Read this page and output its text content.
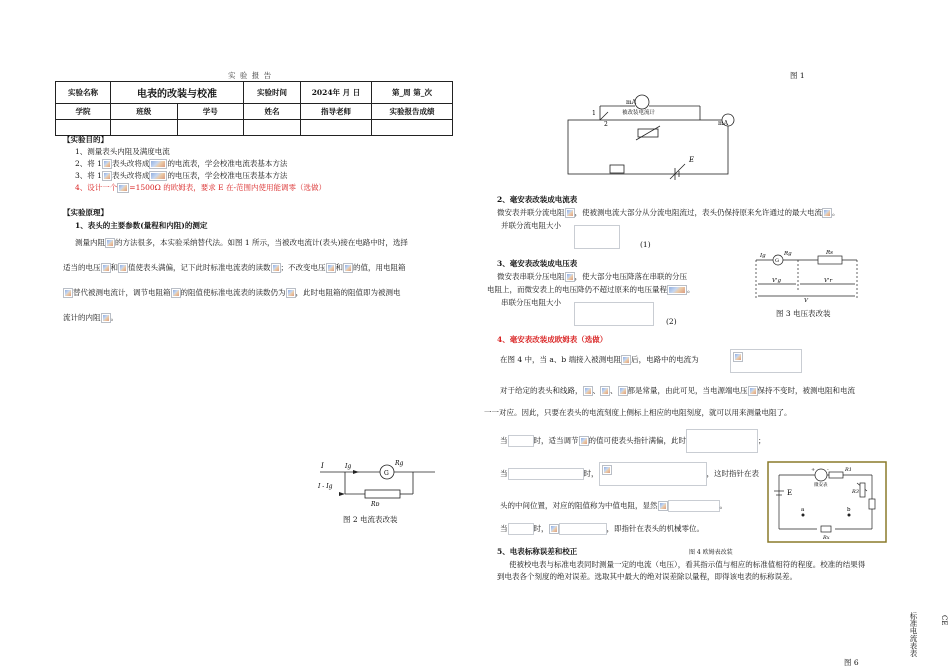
实 验 报 告
实验名称	电表的改装与校准		实验时间	2024年 月 日	第_周 第_次
学院	班级	学号	姓名	指导老师	实验报告成绩

【实验目的】
1、测量表头内阻及满度电流
2、将 1 表头改将成 的电流表，学会校准电流表基本方法
3、将 1 表头改将成 的电压表，学会校准电压表基本方法
4、设计一个 =1500Ω 的欧姆表，要求 E 在-范围内使用能调零（选做）
【实验原理】
1、表头的主要参数(量程和内阻)的测定
测量内阻 的方法很多，本实验采纳替代法。如图 1 所示，当被改电流计(表头)接在电路中时，选择
适当的电压 和 值使表头满偏，记下此时标准电流表的读数 ；不改变电压 和 的值，用电阻箱
替代被测电流计，调节电阻箱 的阻值使标准电流表的读数仍为 ，此时电阻箱的阻值即为被测电
流计的内阻 。
I	Ig	Rg
G
I - Ig
Rp
图 2 电流表改装
图 1
mA
mA
被改装电流计
1
2
E
2、毫安表改装成电流表
微安表并联分流电阻 ，使被测电流大部分从分流电阻流过，表头仍保持原来允许通过的最大电流 。
并联分流电阻大小
(1)
3、毫安表改装成电压表
微安表串联分压电阻 ，使大部分电压降落在串联的分压
电阻上，而微安表上的电压降仍不超过原来的电压量程	。
串联分压电阻大小
(2)
Ig	Rg	Rs
G
V'g	V'r
V
图 3 电压表改装
4、毫安表改装成欧姆表（选做）
在图 4 中，当 a、b 端接入被测电阻 后，电路中的电流为
对于给定的表头和线路， 、 、 都是常量，由此可见，当电源端电压 保持不变时，被测电阻和电流
一一对应。因此，只要在表头的电流刻度上侧标上相应的电阻刻度，就可以用来测量电阻了。
当	时，适当调节 的值可使表头指针满偏，此时	；
当	时，	，这时指针在表
头的中间位置，对应的阻值称为中值电阻，显然	。
当	时，	，即指针在表头的机械零位。
+ -
微安表
E
a	b
Rx
R3
R1
图 4 欧姆表改装
5、电表标称误差和校正
使被校电表与标准电表同时测量一定的电流（电压），看其指示值与相应的标准值相符的程度。校准的结果得
到电表各个刻度的绝对误差。选取其中最大的绝对误差除以量程，即得该电表的标称误差。
标准电流表表
CE
图 6
